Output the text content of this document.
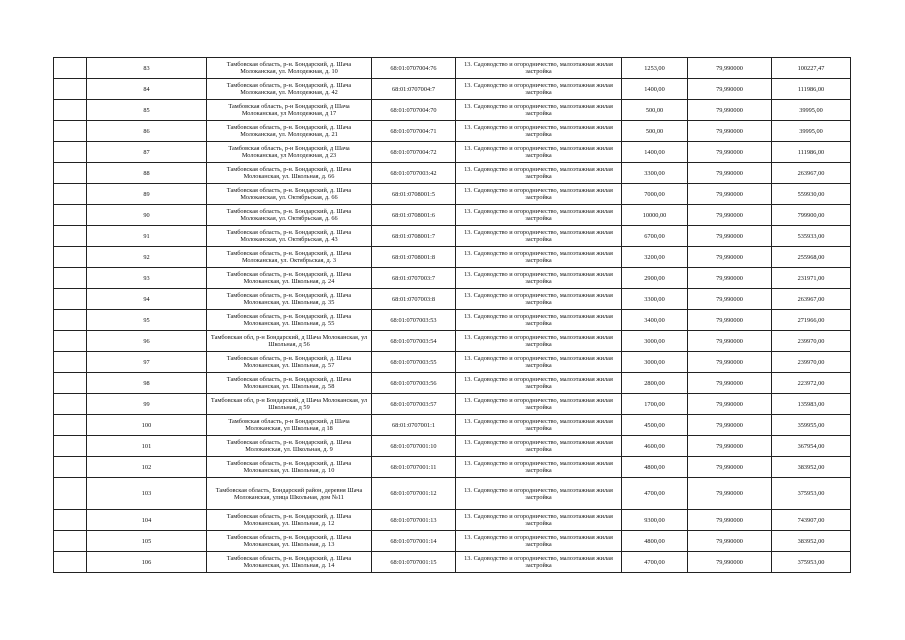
	83	Тамбовская область, р-н. Бондарский, д. Шача Молоканская, ул. Молодежная, д. 10	68:01:0707004:76	13. Садоводство и огородничество, малоэтажная жилая застройка	1253,00	79,990000	100227,47
	84	Тамбовская область, р-н. Бондарский, д. Шача Молоканская, ул. Молодежная, д. 42	68:01:0707004:7	13. Садоводство и огородничество, малоэтажная жилая застройка	1400,00	79,990000	111986,00
	85	Тамбовская область, р-н Бондарский, д Шача Молоканская, ул Молодежная, д 17	68:01:0707004:70	13. Садоводство и огородничество, малоэтажная жилая застройка	500,00	79,990000	39995,00
	86	Тамбовская область, р-н. Бондарский, д. Шача Молоканская, ул. Молодежная, д. 21	68:01:0707004:71	13. Садоводство и огородничество, малоэтажная жилая застройка	500,00	79,990000	39995,00
	87	Тамбовская область, р-н Бондарский, д Шача Молоканская, ул Молодежная, д 23	68:01:0707004:72	13. Садоводство и огородничество, малоэтажная жилая застройка	1400,00	79,990000	111986,00
	88	Тамбовская область, р-н. Бондарский, д. Шача Молоканская, ул. Школьная, д. 66	68:01:0707003:42	13. Садоводство и огородничество, малоэтажная жилая застройка	3300,00	79,990000	263967,00
	89	Тамбовская область, р-н. Бондарский, д. Шача Молоканская, ул. Октябрьская, д. 66	68:01:0708001:5	13. Садоводство и огородничество, малоэтажная жилая застройка	7000,00	79,990000	559930,00
	90	Тамбовская область, р-н. Бондарский, д. Шача Молоканская, ул. Октябрьская, д. 66	68:01:0708001:6	13. Садоводство и огородничество, малоэтажная жилая застройка	10000,00	79,990000	799900,00
	91	Тамбовская область, р-н. Бондарский, д. Шача Молоканская, ул. Октябрьская, д. 43	68:01:0708001:7	13. Садоводство и огородничество, малоэтажная жилая застройка	6700,00	79,990000	535933,00
	92	Тамбовская область, р-н. Бондарский, д. Шача Молоканская, ул. Октябрьская, д. 3	68:01:0708001:8	13. Садоводство и огородничество, малоэтажная жилая застройка	3200,00	79,990000	255968,00
	93	Тамбовская область, р-н. Бондарский, д. Шача Молоканская, ул. Школьная, д. 24	68:01:0707003:7	13. Садоводство и огородничество, малоэтажная жилая застройка	2900,00	79,990000	231971,00
	94	Тамбовская область, р-н. Бондарский, д. Шача Молоканская, ул. Школьная, д. 35	68:01:0707003:8	13. Садоводство и огородничество, малоэтажная жилая застройка	3300,00	79,990000	263967,00
	95	Тамбовская область, р-н. Бондарский, д. Шача Молоканская, ул. Школьная, д. 55	68:01:0707003:53	13. Садоводство и огородничество, малоэтажная жилая застройка	3400,00	79,990000	271966,00
	96	Тамбовская обл, р-н Бондарский, д Шача Молоканская, ул Школьная, д 56	68:01:0707003:54	13. Садоводство и огородничество, малоэтажная жилая застройка	3000,00	79,990000	239970,00
	97	Тамбовская область, р-н. Бондарский, д. Шача Молоканская, ул. Школьная, д. 57	68:01:0707003:55	13. Садоводство и огородничество, малоэтажная жилая застройка	3000,00	79,990000	239970,00
	98	Тамбовская область, р-н. Бондарский, д. Шача Молоканская, ул. Школьная, д. 58	68:01:0707003:56	13. Садоводство и огородничество, малоэтажная жилая застройка	2800,00	79,990000	223972,00
	99	Тамбовская обл, р-н Бондарский, д Шача Молоканская, ул Школьная, д 59	68:01:0707003:57	13. Садоводство и огородничество, малоэтажная жилая застройка	1700,00	79,990000	135983,00
	100	Тамбовская область, р-н Бондарский, д Шача Молоканская, ул Школьная, д 18	68:01:0707001:1	13. Садоводство и огородничество, малоэтажная жилая застройка	4500,00	79,990000	359955,00
	101	Тамбовская область, р-н. Бондарский, д. Шача Молоканская, ул. Школьная, д. 9	68:01:0707001:10	13. Садоводство и огородничество, малоэтажная жилая застройка	4600,00	79,990000	367954,00
	102	Тамбовская область, р-н. Бондарский, д. Шача Молоканская, ул. Школьная, д. 10	68:01:0707001:11	13. Садоводство и огородничество, малоэтажная жилая застройка	4800,00	79,990000	383952,00
	103	Тамбовская область, Бондарский район, деревня Шача Молоканская, улица Школьная, дом №11	68:01:0707001:12	13. Садоводство и огородничество, малоэтажная жилая застройка	4700,00	79,990000	375953,00
	104	Тамбовская область, р-н. Бондарский, д. Шача Молоканская, ул. Школьная, д. 12	68:01:0707001:13	13. Садоводство и огородничество, малоэтажная жилая застройка	9300,00	79,990000	743907,00
	105	Тамбовская область, р-н. Бондарский, д. Шача Молоканская, ул. Школьная, д. 13	68:01:0707001:14	13. Садоводство и огородничество, малоэтажная жилая застройка	4800,00	79,990000	383952,00
	106	Тамбовская область, р-н. Бондарский, д. Шача Молоканская, ул. Школьная, д. 14	68:01:0707001:15	13. Садоводство и огородничество, малоэтажная жилая застройка	4700,00	79,990000	375953,00
